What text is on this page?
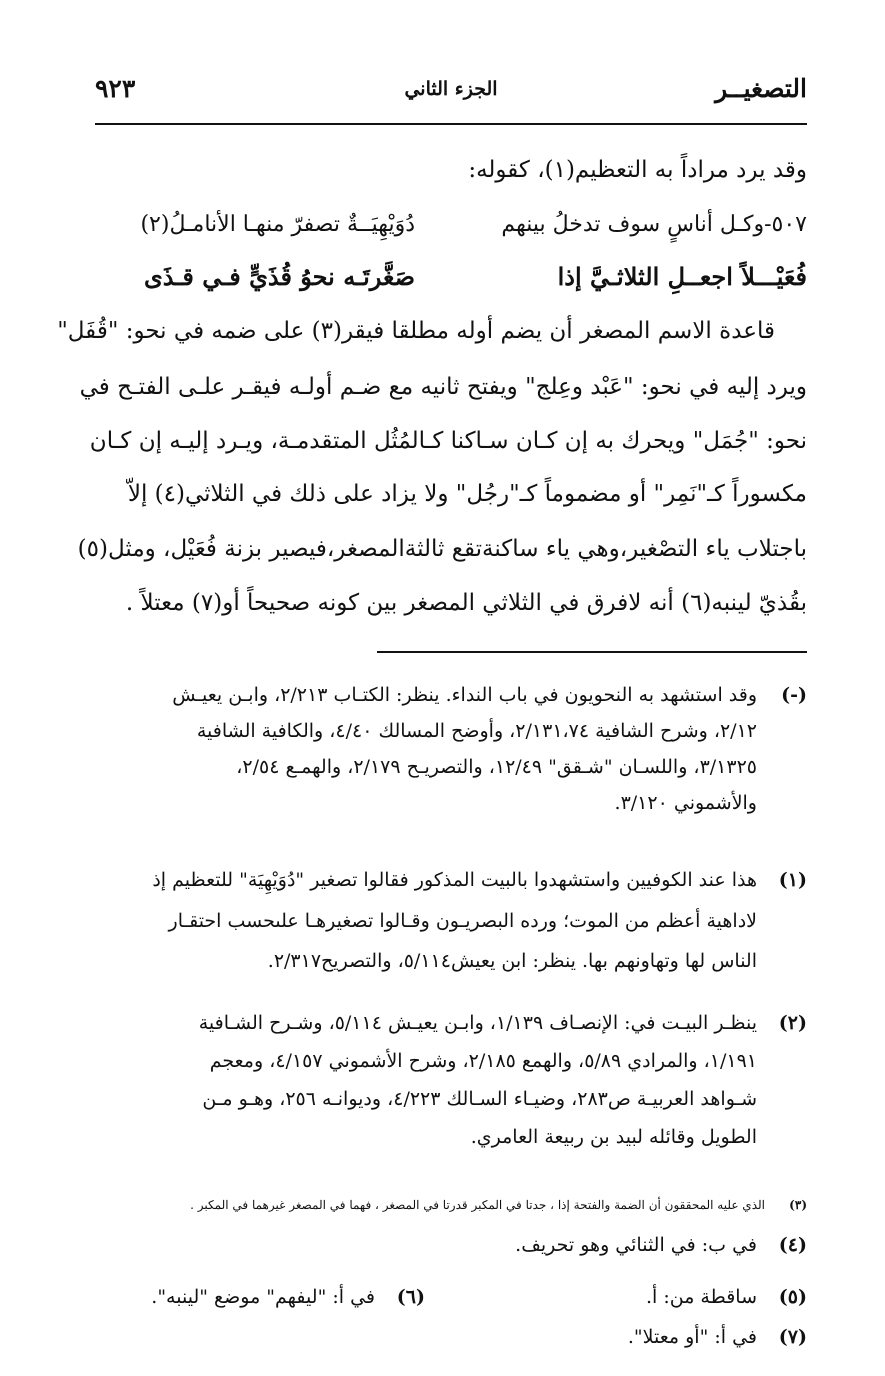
التصغيــر
الجزء الثاني
٩٢٣
وقد يرد مراداً به التعظيم(١)، كقوله:
٥٠٧-وكـل أناسٍ سوف تدخلُ بينهم
دُوَيْهِيَــةٌ تصفرّ منهـا الأنامـلُ(٢)
فُعَيْـــلاً اجعــلِ الثلاثـيَّ إذا
صَغَّرتَـه نحوُ قُذَيٍّ فـي قـذَى
قاعدة الاسم المصغر أن يضم أوله مطلقا فيقر(٣) على ضمه في نحو: "قُفَل"
ويرد إليه في نحو: "عَبْد وعِلج" ويفتح ثانيه مع ضـم أولـه فيقـر علـى الفتـح في
نحو: "جُمَل" ويحرك به إن كـان سـاكنا كـالمُثُل المتقدمـة، ويـرد إليـه إن كـان
مكسوراً كـ"نَمِر" أو مضموماً كـ"رجُل" ولا يزاد على ذلك في الثلاثي(٤) إلاّ
باجتلاب ياء التصْغير،وهي ياء ساكنةتقع ثالثةالمصغر،فيصير بزنة فُعَيْل، ومثل(٥)
بقُذيّ لينبه(٦) أنه لافرق في الثلاثي المصغر بين كونه صحيحاً أو(٧) معتلاً .
(-)
وقد استشهد به النحويون في باب النداء. ينظر: الكتـاب ٢/٢١٣، وابـن يعيـش
٢/١٢، وشرح الشافية ٢/١٣١،٧٤، وأوضح المسالك ٤/٤٠، والكافية الشافية
٣/١٣٢٥، واللسـان "شـقق" ١٢/٤٩، والتصريـح ٢/١٧٩، والهمـع ٢/٥٤،
والأشموني ٣/١٢٠.
(١)
هذا عند الكوفيين واستشهدوا بالبيت المذكور فقالوا تصغير "دُوَيْهِيَة" للتعظيم إذ
لاداهية أعظم من الموت؛ ورده البصريـون وقـالوا تصغيرهـا علىحسب احتقـار
الناس لها وتهاونهم بها. ينظر: ابن يعيش٥/١١٤، والتصريح٢/٣١٧.
(٢)
ينظـر البيـت في: الإنصـاف ١/١٣٩، وابـن يعيـش ٥/١١٤، وشـرح الشـافية
١/١٩١، والمرادي ٥/٨٩، والهمع ٢/١٨٥، وشرح الأشموني ٤/١٥٧، ومعجم
شـواهد العربيـة ص٢٨٣، وضيـاء السـالك ٤/٢٢٣، وديوانـه ٢٥٦، وهـو مـن
الطويل وقائله لبيد بن ربيعة العامري.
(٣)
الذي عليه المحققون أن الضمة والفتحة إذا ، جدتا في المكبر قدرتا في المصغر ، فهما في المصغر غيرهما في المكبر .
(٤)
في ب: في الثنائي وهو تحريف.
(٥)
ساقطة من: أ.
(٦)
في أ: "ليفهم" موضع "لينبه".
(٧)
في أ: "أو معتلا".
